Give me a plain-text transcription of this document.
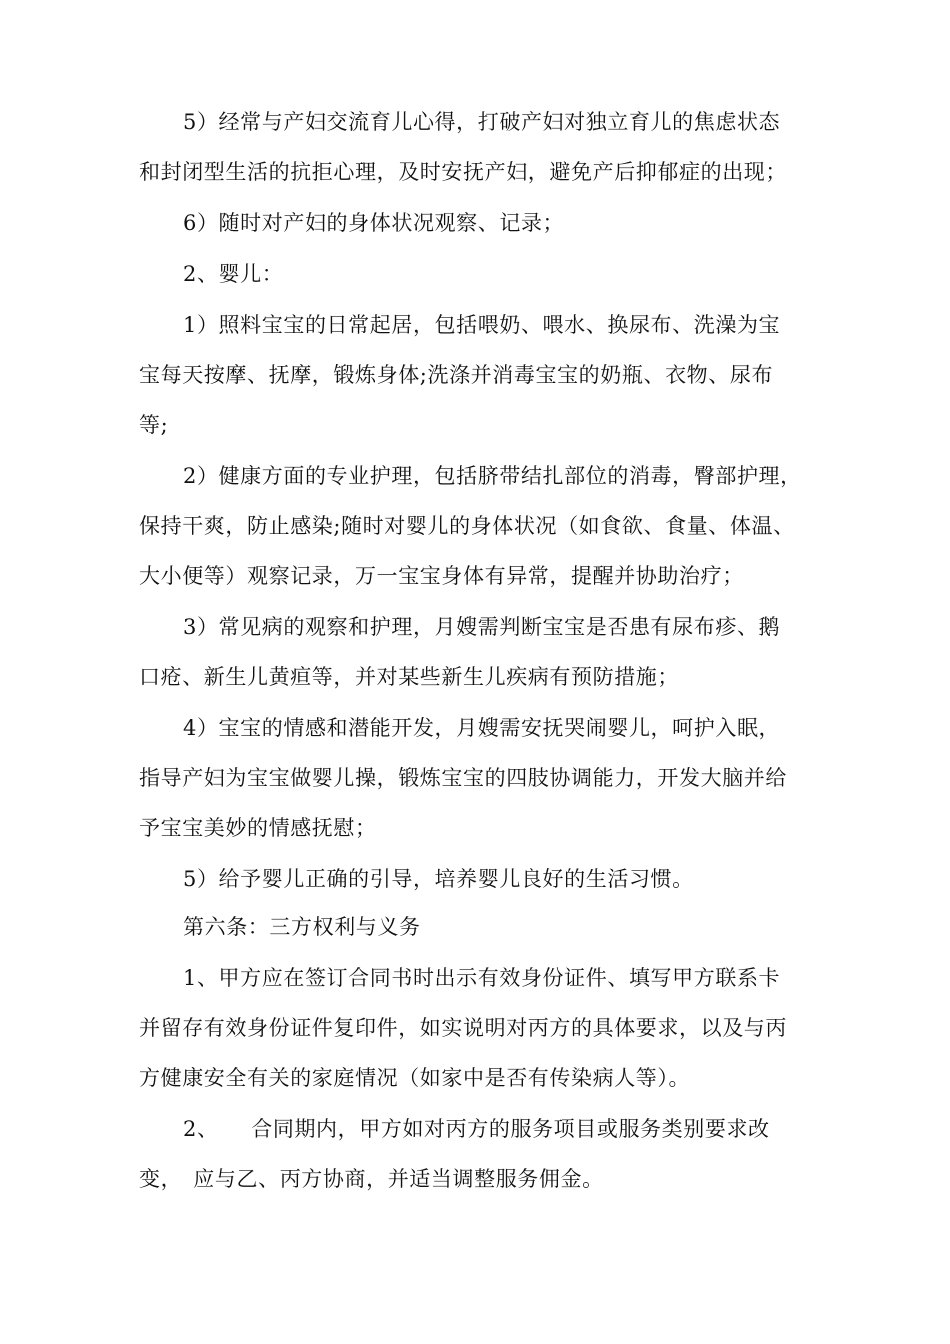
5）经常与产妇交流育儿心得，打破产妇对独立育儿的焦虑状态
和封闭型生活的抗拒心理，及时安抚产妇，避免产后抑郁症的出现；
6）随时对产妇的身体状况观察、记录；
2、婴儿：
1）照料宝宝的日常起居，包括喂奶、喂水、换尿布、洗澡为宝
宝每天按摩、抚摩，锻炼身体;洗涤并消毒宝宝的奶瓶、衣物、尿布
等;
2）健康方面的专业护理，包括脐带结扎部位的消毒，臀部护理，
保持干爽，防止感染;随时对婴儿的身体状况（如食欲、食量、体温、
大小便等）观察记录，万一宝宝身体有异常，提醒并协助治疗；
3）常见病的观察和护理，月嫂需判断宝宝是否患有尿布疹、鹅
口疮、新生儿黄疸等，并对某些新生儿疾病有预防措施；
4）宝宝的情感和潜能开发，月嫂需安抚哭闹婴儿，呵护入眠，
指导产妇为宝宝做婴儿操，锻炼宝宝的四肢协调能力，开发大脑并给
予宝宝美妙的情感抚慰；
5）给予婴儿正确的引导，培养婴儿良好的生活习惯。
第六条：三方权利与义务
1、甲方应在签订合同书时出示有效身份证件、填写甲方联系卡
并留存有效身份证件复印件，如实说明对丙方的具体要求，以及与丙
方健康安全有关的家庭情况（如家中是否有传染病人等）。
2、　　合同期内，甲方如对丙方的服务项目或服务类别要求改
变，　应与乙、丙方协商，并适当调整服务佣金。
